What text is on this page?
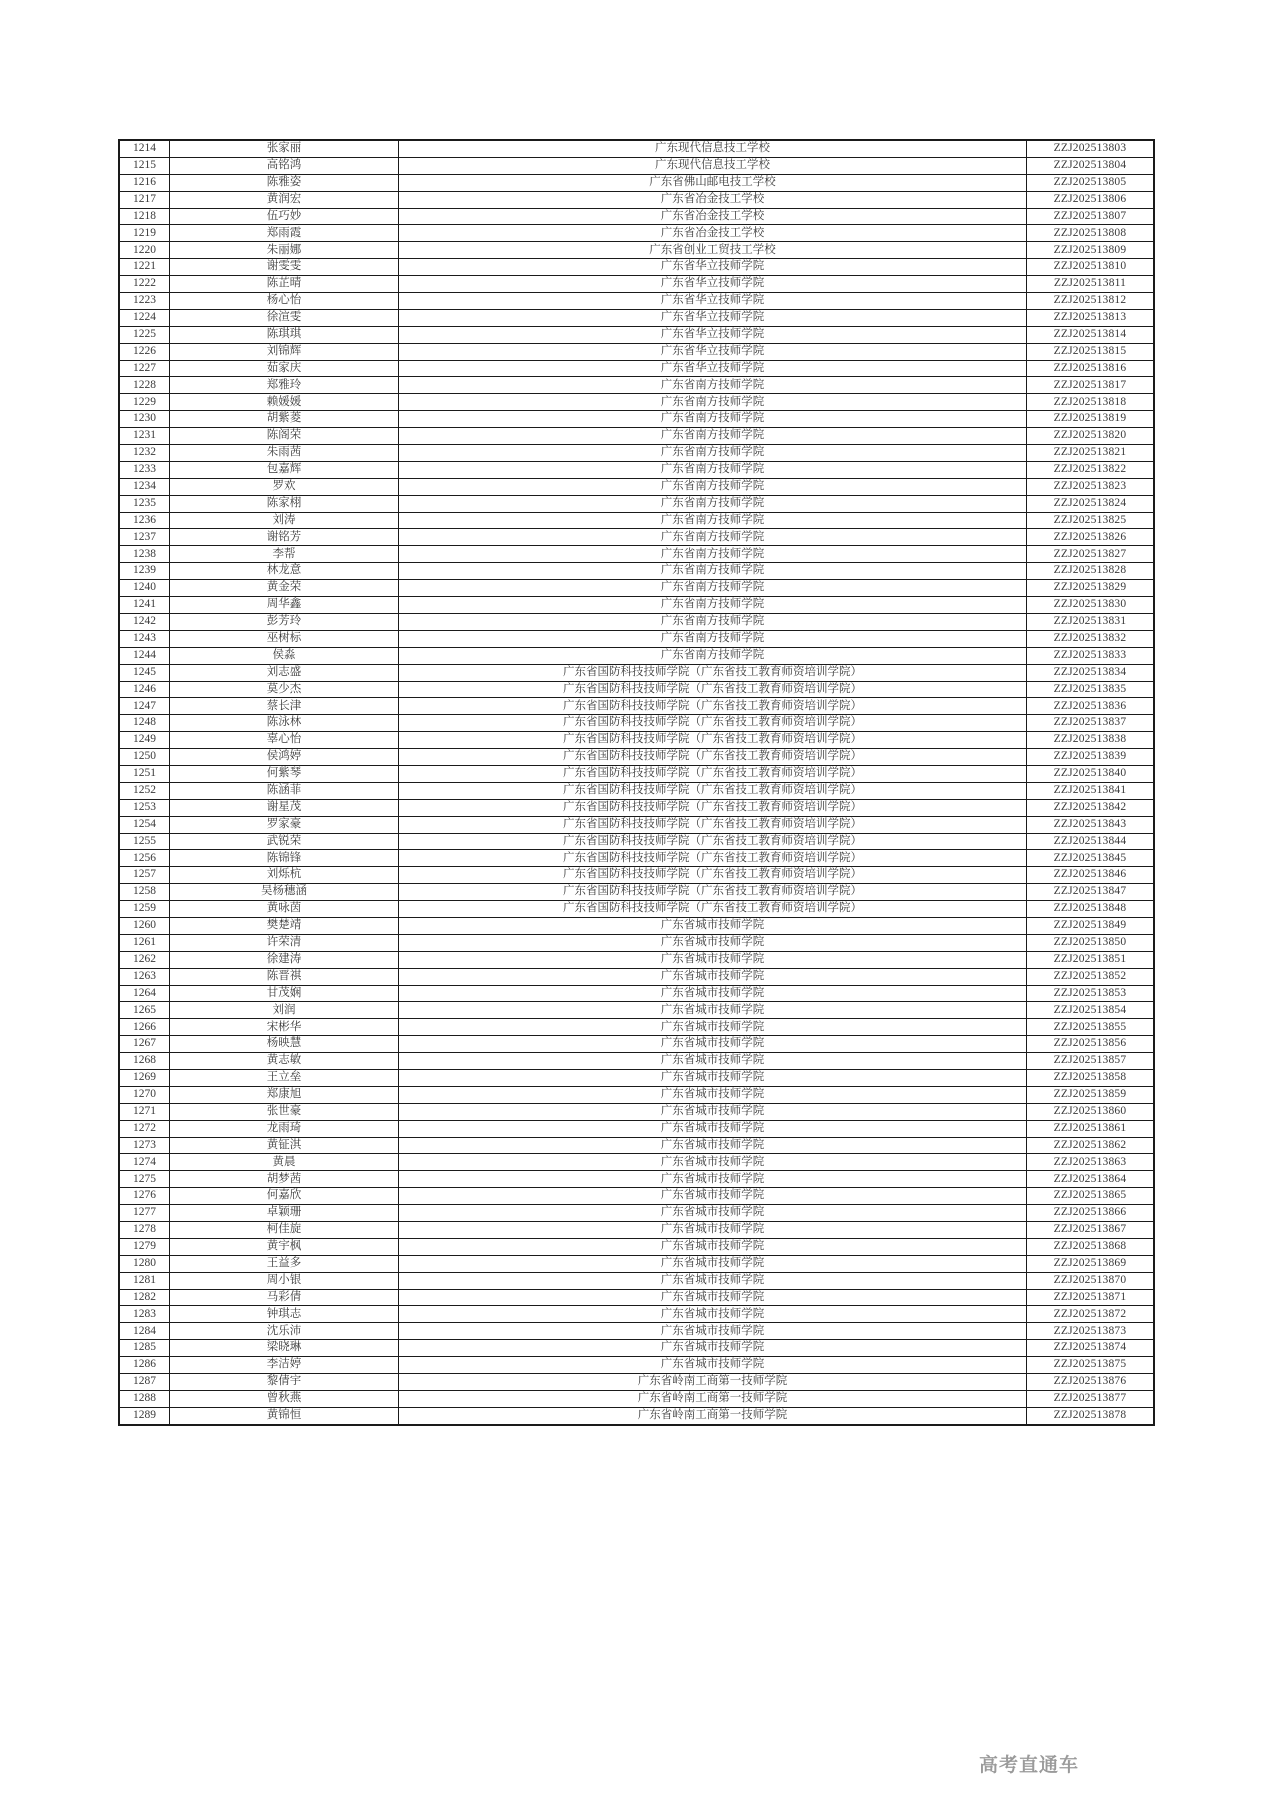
1214	张家丽	广东现代信息技工学校	ZZJ202513803
1215	高铭鸿	广东现代信息技工学校	ZZJ202513804
1216	陈雅姿	广东省佛山邮电技工学校	ZZJ202513805
1217	黄润宏	广东省冶金技工学校	ZZJ202513806
1218	伍巧妙	广东省冶金技工学校	ZZJ202513807
1219	郑雨霞	广东省冶金技工学校	ZZJ202513808
1220	朱丽娜	广东省创业工贸技工学校	ZZJ202513809
1221	谢雯雯	广东省华立技师学院	ZZJ202513810
1222	陈芷晴	广东省华立技师学院	ZZJ202513811
1223	杨心怡	广东省华立技师学院	ZZJ202513812
1224	徐渲雯	广东省华立技师学院	ZZJ202513813
1225	陈琪琪	广东省华立技师学院	ZZJ202513814
1226	刘锦辉	广东省华立技师学院	ZZJ202513815
1227	茹家庆	广东省华立技师学院	ZZJ202513816
1228	郑雅玲	广东省南方技师学院	ZZJ202513817
1229	赖媛媛	广东省南方技师学院	ZZJ202513818
1230	胡紫菱	广东省南方技师学院	ZZJ202513819
1231	陈阁荣	广东省南方技师学院	ZZJ202513820
1232	朱雨茜	广东省南方技师学院	ZZJ202513821
1233	包嘉辉	广东省南方技师学院	ZZJ202513822
1234	罗欢	广东省南方技师学院	ZZJ202513823
1235	陈家栩	广东省南方技师学院	ZZJ202513824
1236	刘涛	广东省南方技师学院	ZZJ202513825
1237	谢铭芳	广东省南方技师学院	ZZJ202513826
1238	李帮	广东省南方技师学院	ZZJ202513827
1239	林龙意	广东省南方技师学院	ZZJ202513828
1240	黄金荣	广东省南方技师学院	ZZJ202513829
1241	周华鑫	广东省南方技师学院	ZZJ202513830
1242	彭芳玲	广东省南方技师学院	ZZJ202513831
1243	巫树标	广东省南方技师学院	ZZJ202513832
1244	侯淼	广东省南方技师学院	ZZJ202513833
1245	刘志盛	广东省国防科技技师学院（广东省技工教育师资培训学院）	ZZJ202513834
1246	莫少杰	广东省国防科技技师学院（广东省技工教育师资培训学院）	ZZJ202513835
1247	蔡长津	广东省国防科技技师学院（广东省技工教育师资培训学院）	ZZJ202513836
1248	陈泳林	广东省国防科技技师学院（广东省技工教育师资培训学院）	ZZJ202513837
1249	辜心怡	广东省国防科技技师学院（广东省技工教育师资培训学院）	ZZJ202513838
1250	侯鸿婷	广东省国防科技技师学院（广东省技工教育师资培训学院）	ZZJ202513839
1251	何紫琴	广东省国防科技技师学院（广东省技工教育师资培训学院）	ZZJ202513840
1252	陈涵菲	广东省国防科技技师学院（广东省技工教育师资培训学院）	ZZJ202513841
1253	谢星茂	广东省国防科技技师学院（广东省技工教育师资培训学院）	ZZJ202513842
1254	罗家豪	广东省国防科技技师学院（广东省技工教育师资培训学院）	ZZJ202513843
1255	武锐荣	广东省国防科技技师学院（广东省技工教育师资培训学院）	ZZJ202513844
1256	陈锦锋	广东省国防科技技师学院（广东省技工教育师资培训学院）	ZZJ202513845
1257	刘烁杭	广东省国防科技技师学院（广东省技工教育师资培训学院）	ZZJ202513846
1258	吴杨穗涵	广东省国防科技技师学院（广东省技工教育师资培训学院）	ZZJ202513847
1259	黄咏茵	广东省国防科技技师学院（广东省技工教育师资培训学院）	ZZJ202513848
1260	樊楚靖	广东省城市技师学院	ZZJ202513849
1261	许荣清	广东省城市技师学院	ZZJ202513850
1262	徐建涛	广东省城市技师学院	ZZJ202513851
1263	陈晋祺	广东省城市技师学院	ZZJ202513852
1264	甘茂娴	广东省城市技师学院	ZZJ202513853
1265	刘润	广东省城市技师学院	ZZJ202513854
1266	宋彬华	广东省城市技师学院	ZZJ202513855
1267	杨映慧	广东省城市技师学院	ZZJ202513856
1268	黄志敏	广东省城市技师学院	ZZJ202513857
1269	王立垒	广东省城市技师学院	ZZJ202513858
1270	郑康旭	广东省城市技师学院	ZZJ202513859
1271	张世豪	广东省城市技师学院	ZZJ202513860
1272	龙雨琦	广东省城市技师学院	ZZJ202513861
1273	黄钲淇	广东省城市技师学院	ZZJ202513862
1274	黄晨	广东省城市技师学院	ZZJ202513863
1275	胡梦茜	广东省城市技师学院	ZZJ202513864
1276	何嘉欣	广东省城市技师学院	ZZJ202513865
1277	卓颖珊	广东省城市技师学院	ZZJ202513866
1278	柯佳旋	广东省城市技师学院	ZZJ202513867
1279	黄宇枫	广东省城市技师学院	ZZJ202513868
1280	王益多	广东省城市技师学院	ZZJ202513869
1281	周小银	广东省城市技师学院	ZZJ202513870
1282	马彩倩	广东省城市技师学院	ZZJ202513871
1283	钟琪志	广东省城市技师学院	ZZJ202513872
1284	沈乐沛	广东省城市技师学院	ZZJ202513873
1285	梁晓琳	广东省城市技师学院	ZZJ202513874
1286	李洁婷	广东省城市技师学院	ZZJ202513875
1287	黎倩宇	广东省岭南工商第一技师学院	ZZJ202513876
1288	曾秋燕	广东省岭南工商第一技师学院	ZZJ202513877
1289	黄锦恒	广东省岭南工商第一技师学院	ZZJ202513878
高考直通车
